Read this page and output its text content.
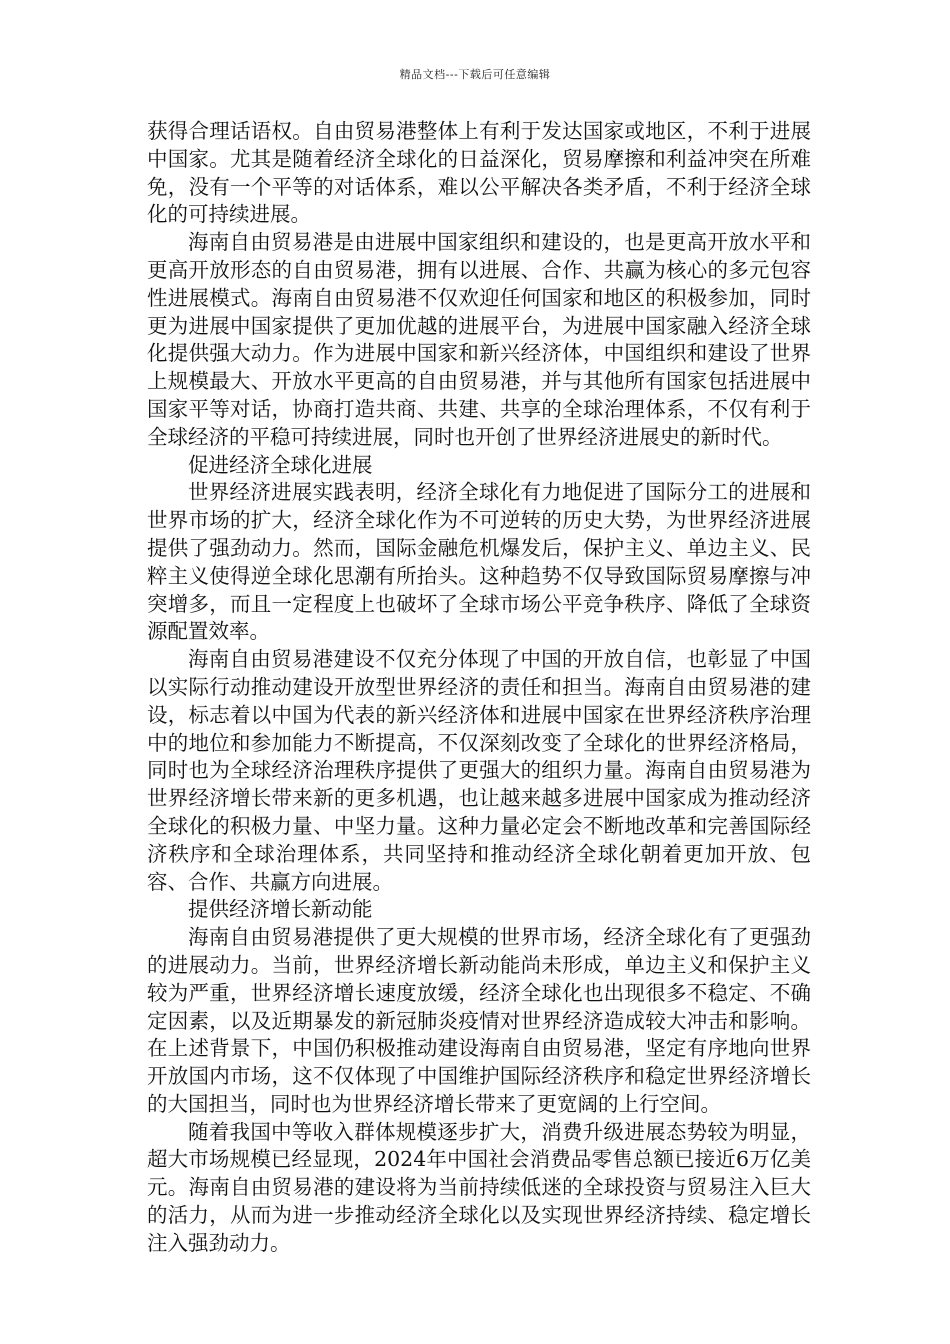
精品文档---下载后可任意编辑

获得合理话语权。自由贸易港整体上有利于发达国家或地区，不利于进展中国家。尤其是随着经济全球化的日益深化，贸易摩擦和利益冲突在所难免，没有一个平等的对话体系，难以公平解决各类矛盾，不利于经济全球化的可持续进展。

海南自由贸易港是由进展中国家组织和建设的，也是更高开放水平和更高开放形态的自由贸易港，拥有以进展、合作、共赢为核心的多元包容性进展模式。海南自由贸易港不仅欢迎任何国家和地区的积极参加，同时更为进展中国家提供了更加优越的进展平台，为进展中国家融入经济全球化提供强大动力。作为进展中国家和新兴经济体，中国组织和建设了世界上规模最大、开放水平更高的自由贸易港，并与其他所有国家包括进展中国家平等对话，协商打造共商、共建、共享的全球治理体系，不仅有利于全球经济的平稳可持续进展，同时也开创了世界经济进展史的新时代。

促进经济全球化进展

世界经济进展实践表明，经济全球化有力地促进了国际分工的进展和世界市场的扩大，经济全球化作为不可逆转的历史大势，为世界经济进展提供了强劲动力。然而，国际金融危机爆发后，保护主义、单边主义、民粹主义使得逆全球化思潮有所抬头。这种趋势不仅导致国际贸易摩擦与冲突增多，而且一定程度上也破坏了全球市场公平竞争秩序、降低了全球资源配置效率。

海南自由贸易港建设不仅充分体现了中国的开放自信，也彰显了中国以实际行动推动建设开放型世界经济的责任和担当。海南自由贸易港的建设，标志着以中国为代表的新兴经济体和进展中国家在世界经济秩序治理中的地位和参加能力不断提高，不仅深刻改变了全球化的世界经济格局，同时也为全球经济治理秩序提供了更强大的组织力量。海南自由贸易港为世界经济增长带来新的更多机遇，也让越来越多进展中国家成为推动经济全球化的积极力量、中坚力量。这种力量必定会不断地改革和完善国际经济秩序和全球治理体系，共同坚持和推动经济全球化朝着更加开放、包容、合作、共赢方向进展。

提供经济增长新动能

海南自由贸易港提供了更大规模的世界市场，经济全球化有了更强劲的进展动力。当前，世界经济增长新动能尚未形成，单边主义和保护主义较为严重，世界经济增长速度放缓，经济全球化也出现很多不稳定、不确定因素，以及近期暴发的新冠肺炎疫情对世界经济造成较大冲击和影响。在上述背景下，中国仍积极推动建设海南自由贸易港，坚定有序地向世界开放国内市场，这不仅体现了中国维护国际经济秩序和稳定世界经济增长的大国担当，同时也为世界经济增长带来了更宽阔的上行空间。

随着我国中等收入群体规模逐步扩大，消费升级进展态势较为明显，超大市场规模已经显现，2024年中国社会消费品零售总额已接近6万亿美元。海南自由贸易港的建设将为当前持续低迷的全球投资与贸易注入巨大的活力，从而为进一步推动经济全球化以及实现世界经济持续、稳定增长注入强劲动力。
